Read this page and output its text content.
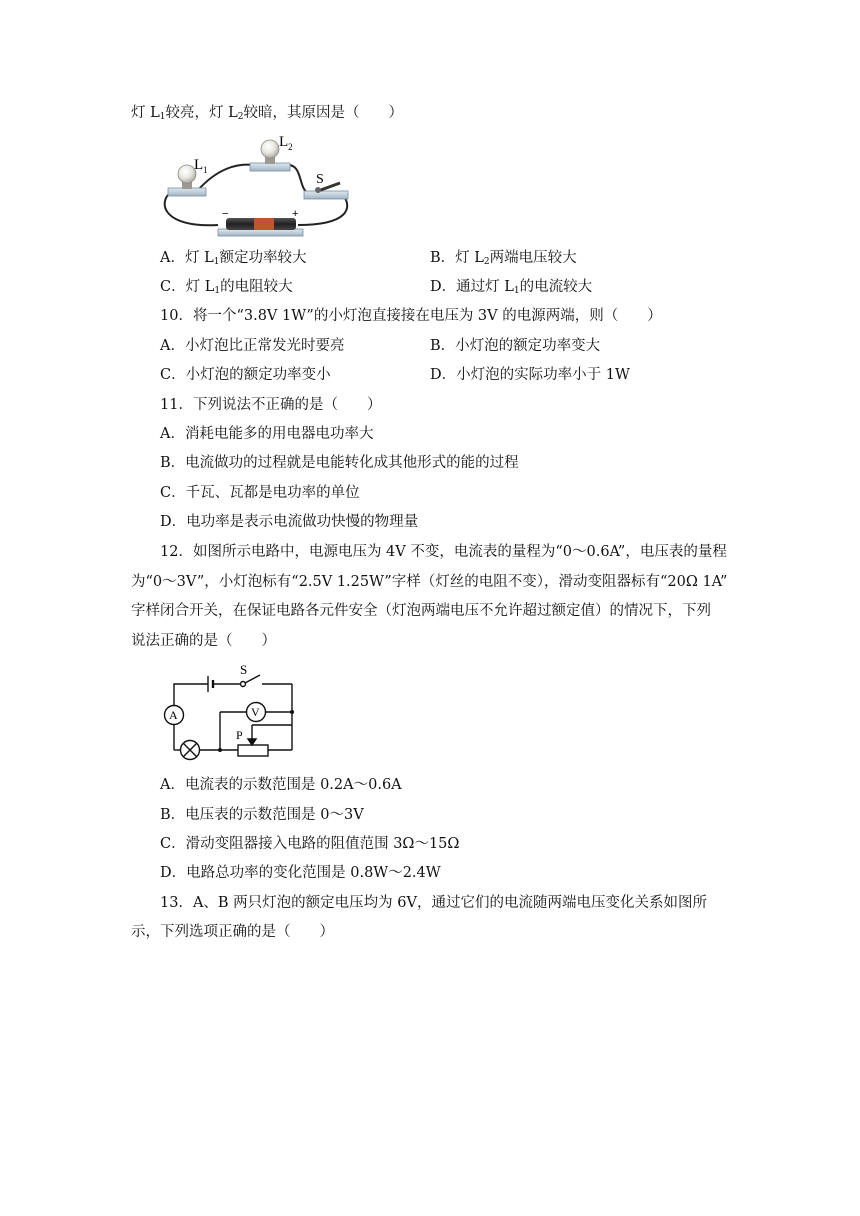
灯 $L_1$较亮，灯 $L_2$较暗，其原因是（　　）
$L_1$
$L_2$
S
−	+
A．灯 $L_1$额定功率较大	B．灯 $L_2$两端电压较大
C．灯 $L_1$的电阻较大	D．通过灯 $L_1$的电流较大
10．将一个“3.8V 1W”的小灯泡直接接在电压为 3V 的电源两端，则（　　）
A．小灯泡比正常发光时要亮	B．小灯泡的额定功率变大
C．小灯泡的额定功率变小	D．小灯泡的实际功率小于 1W
11．下列说法不正确的是（　　）
A．消耗电能多的用电器电功率大
B．电流做功的过程就是电能转化成其他形式的能的过程
C．千瓦、瓦都是电功率的单位
D．电功率是表示电流做功快慢的物理量
12．如图所示电路中，电源电压为 4V 不变，电流表的量程为“0～0.6A”，电压表的量程
为“0～3V”，小灯泡标有“2.5V 1.25W”字样（灯丝的电阻不变），滑动变阻器标有“20Ω 1A”
字样闭合开关，在保证电路各元件安全（灯泡两端电压不允许超过额定值）的情况下，下列
说法正确的是（　　）
S
A	V
P
A．电流表的示数范围是 0.2A～0.6A
B．电压表的示数范围是 0～3V
C．滑动变阻器接入电路的阻值范围 3Ω～15Ω
D．电路总功率的变化范围是 0.8W～2.4W
13．A、B 两只灯泡的额定电压均为 6V，通过它们的电流随两端电压变化关系如图所
示，下列选项正确的是（　　）
